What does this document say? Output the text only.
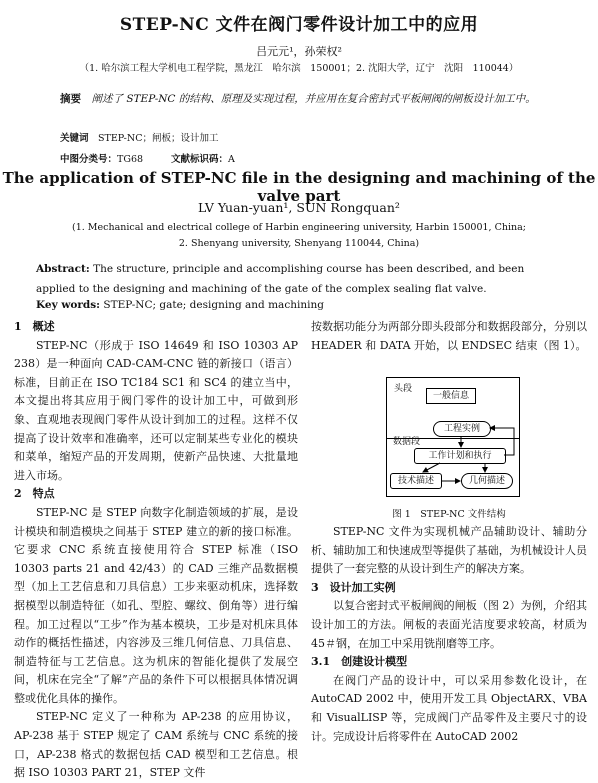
STEP-NC 文件在阀门零件设计加工中的应用
吕元元¹，孙荣权²
（1. 哈尔滨工程大学机电工程学院，黑龙江　哈尔滨　150001；2. 沈阳大学，辽宁　沈阳　110044）
摘要　 阐述了 STEP-NC 的结构、原理及实现过程，并应用在复合密封式平板闸阀的闸板设计加工中。
关键词　 STEP-NC；闸板；设计加工
中图分类号：TG68	文献标识码：A
The application of STEP-NC file in the designing and machining of the valve part
LV Yuan-yuan¹, SUN Rongquan²
(1. Mechanical and electrical college of Harbin engineering university, Harbin 150001, China;
2. Shenyang university, Shenyang 110044, China)
Abstract: The structure, principle and accomplishing course has been described, and been applied to the designing and machining of the gate of the complex sealing flat valve.
Key words: STEP-NC; gate; designing and machining

1　概述

STEP-NC（形成于 ISO 14649 和 ISO 10303 AP 238）是一种面向 CAD-CAM-CNC 链的新接口（语言）标准，目前正在 ISO TC184 SC1 和 SC4 的建立当中，本文提出将其应用于阀门零件的设计加工中，可做到形象、直观地表现阀门零件从设计到加工的过程。这样不仅提高了设计效率和准确率，还可以定制某些专业化的模块和菜单，缩短产品的开发周期，使新产品快速、大批量地进入市场。

2　特点

STEP-NC 是 STEP 向数字化制造领域的扩展，是设计模块和制造模块之间基于 STEP 建立的新的接口标准。它要求 CNC 系统直接使用符合 STEP 标准（ISO 10303 parts 21 and 42/43）的 CAD 三维产品数据模型（加上工艺信息和刀具信息）工步来驱动机床，选择数据模型以制造特征（如孔、型腔、螺纹、倒角等）进行编程。加工过程以“工步”作为基本模块，工步是对机床具体动作的概括性描述，内容涉及三维几何信息、刀具信息、制造特征与工艺信息。这为机床的智能化提供了发展空间，机床在完全“了解”产品的条件下可以根据具体情况调整或优化具体的操作。

STEP-NC 定义了一种称为 AP-238 的应用协议，AP-238 基于 STEP 规定了 CAM 系统与 CNC 系统的接口，AP-238 格式的数据包括 CAD 模型和工艺信息。根据 ISO 10303 PART 21，STEP 文件

按数据功能分为两部分即头段部分和数据段部分，分别以 HEADER 和 DATA 开始，以 ENDSEC 结束（图 1）。

头段
一般信息
数据段
工程实例
工作计划和执行
技术描述	几何描述
图 1　STEP-NC 文件结构

STEP-NC 文件为实现机械产品辅助设计、辅助分析、辅助加工和快速成型等提供了基础，为机械设计人员提供了一套完整的从设计到生产的解决方案。

3　设计加工实例

以复合密封式平板闸阀的闸板（图 2）为例，介绍其设计加工的方法。闸板的表面光洁度要求较高，材质为 45＃钢，在加工中采用铣削磨等工序。

3.1　创建设计模型

在阀门产品的设计中，可以采用参数化设计，在 AutoCAD 2002 中，使用开发工具 ObjectARX、VBA 和 VisualLISP 等，完成阀门产品零件及主要尺寸的设计。完成设计后将零件在 AutoCAD 2002
